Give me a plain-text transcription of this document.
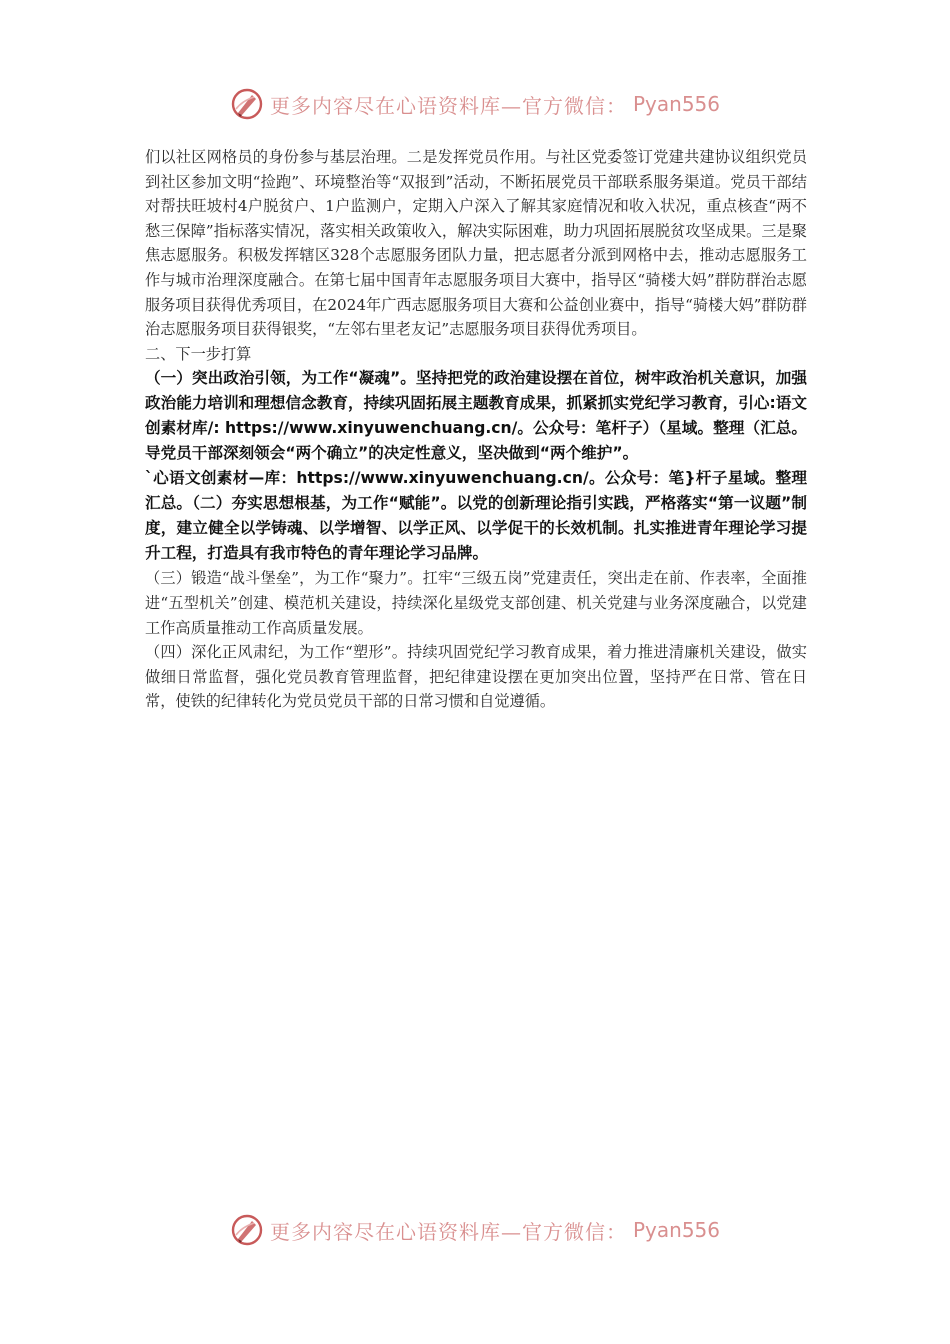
更多内容尽在心语资料库—官方微信： Pyan556

们以社区网格员的身份参与基层治理。二是发挥党员作用。与社区党委签订党建共建协议组织党员到社区参加文明“捡跑”、环境整治等“双报到”活动，不断拓展党员干部联系服务渠道。党员干部结对帮扶旺坡村4户脱贫户、1户监测户，定期入户深入了解其家庭情况和收入状况，重点核查“两不愁三保障”指标落实情况，落实相关政策收入，解决实际困难，助力巩固拓展脱贫攻坚成果。三是聚焦志愿服务。积极发挥辖区328个志愿服务团队力量，把志愿者分派到网格中去，推动志愿服务工作与城市治理深度融合。在第七届中国青年志愿服务项目大赛中，指导区“骑楼大妈”群防群治志愿服务项目获得优秀项目，在2024年广西志愿服务项目大赛和公益创业赛中，指导“骑楼大妈”群防群治志愿服务项目获得银奖，“左邻右里老友记”志愿服务项目获得优秀项目。

二、下一步打算

（一）突出政治引领，为工作“凝魂”。坚持把党的政治建设摆在首位，树牢政治机关意识，加强政治能力培训和理想信念教育，持续巩固拓展主题教育成果，抓紧抓实党纪学习教育，引心:语文创素材库/: https://www.xinyuwenchuang.cn/。公众号：笔杆子）（星域。整理（汇总。导党员干部深刻领会“两个确立”的决定性意义，坚决做到“两个维护”。

`心语文创素材—库：https://www.xinyuwenchuang.cn/。公众号：笔}杆子星域。整理汇总。（二）夯实思想根基，为工作“赋能”。以党的创新理论指引实践，严格落实“第一议题”制度，建立健全以学铸魂、以学增智、以学正风、以学促干的长效机制。扎实推进青年理论学习提升工程，打造具有我市特色的青年理论学习品牌。

（三）锻造“战斗堡垒”，为工作“聚力”。扛牢“三级五岗”党建责任，突出走在前、作表率，全面推进“五型机关”创建、模范机关建设，持续深化星级党支部创建、机关党建与业务深度融合，以党建工作高质量推动工作高质量发展。

（四）深化正风肃纪，为工作“塑形”。持续巩固党纪学习教育成果，着力推进清廉机关建设，做实做细日常监督，强化党员教育管理监督，把纪律建设摆在更加突出位置，坚持严在日常、管在日常，使铁的纪律转化为党员党员干部的日常习惯和自觉遵循。

更多内容尽在心语资料库—官方微信： Pyan556
